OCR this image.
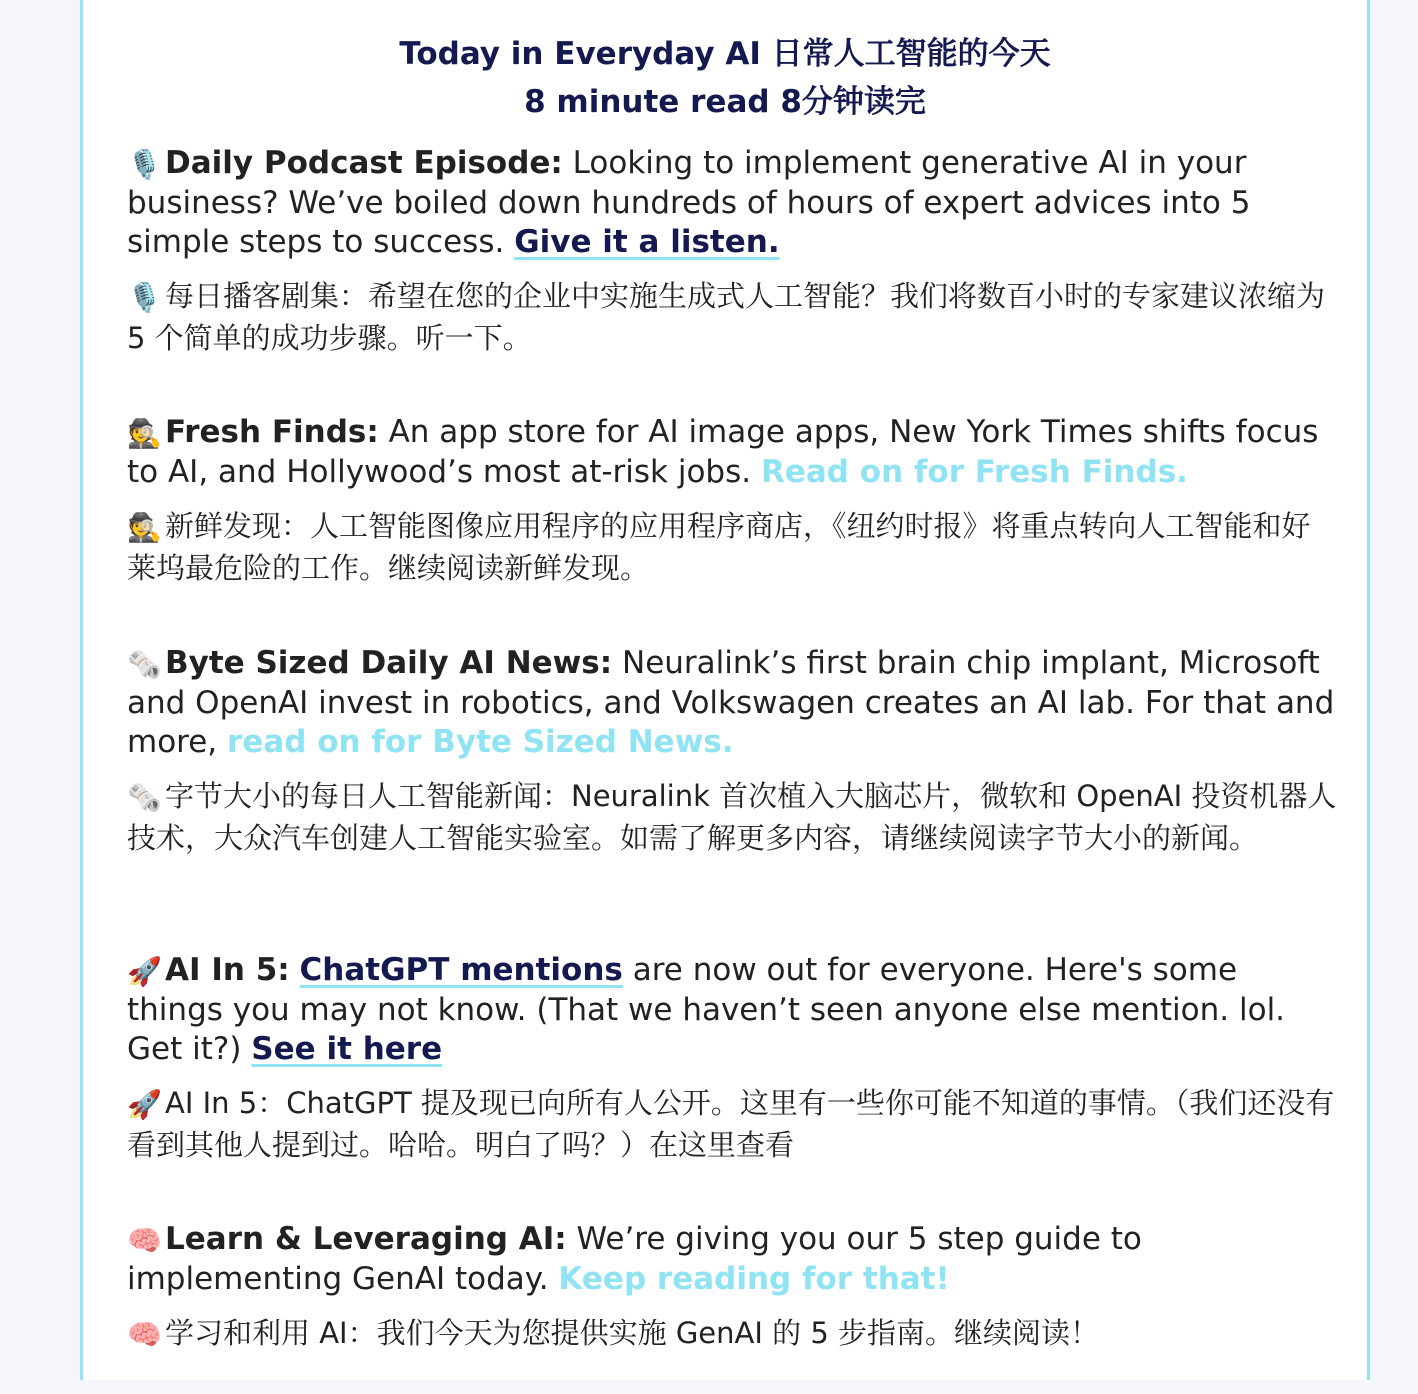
Today in Everyday AI 日常人工智能的今天
8 minute read 8分钟读完
🎙️ Daily Podcast Episode: Looking to implement generative AI in your business? We’ve boiled down hundreds of hours of expert advices into 5 simple steps to success. Give it a listen.
🎙️ 每日播客剧集：希望在您的企业中实施生成式人工智能？我们将数百小时的专家建议浓缩为 5 个简单的成功步骤。听一下。
🕵️ Fresh Finds: An app store for AI image apps, New York Times shifts focus to AI, and Hollywood’s most at-risk jobs. Read on for Fresh Finds.
🕵️ 新鲜发现：人工智能图像应用程序的应用程序商店，《纽约时报》将重点转向人工智能和好莱坞最危险的工作。继续阅读新鲜发现。
🗞️ Byte Sized Daily AI News: Neuralink’s first brain chip implant, Microsoft and OpenAI invest in robotics, and Volkswagen creates an AI lab. For that and more, read on for Byte Sized News.
🗞️ 字节大小的每日人工智能新闻：Neuralink 首次植入大脑芯片，微软和 OpenAI 投资机器人技术，大众汽车创建人工智能实验室。如需了解更多内容，请继续阅读字节大小的新闻。
🚀 AI In 5: ChatGPT mentions are now out for everyone. Here's some things you may not know. (That we haven’t seen anyone else mention. lol. Get it?) See it here
🚀 AI In 5：ChatGPT 提及现已向所有人公开。这里有一些你可能不知道的事情。（我们还没有看到其他人提到过。哈哈。明白了吗？）在这里查看
🧠 Learn & Leveraging AI: We’re giving you our 5 step guide to implementing GenAI today. Keep reading for that!
🧠 学习和利用 AI：我们今天为您提供实施 GenAI 的 5 步指南。继续阅读！
